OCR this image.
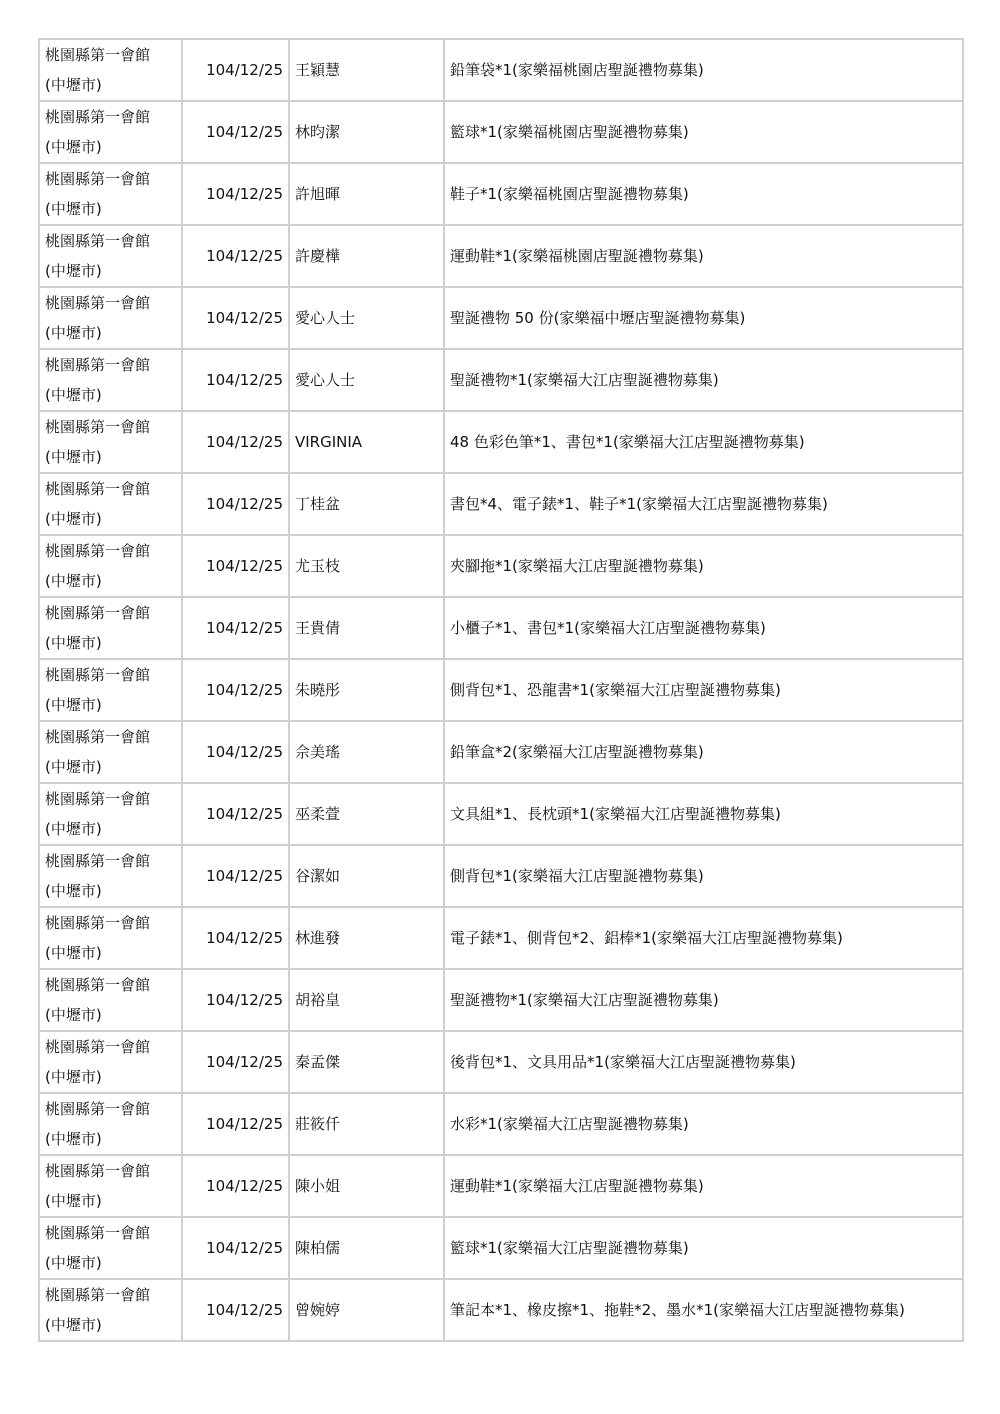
桃園縣第一會館
(中壢市)	104/12/25	王穎慧	鉛筆袋*1(家樂福桃園店聖誕禮物募集)

桃園縣第一會館
(中壢市)	104/12/25	林昀潔	籃球*1(家樂福桃園店聖誕禮物募集)

桃園縣第一會館
(中壢市)	104/12/25	許旭暉	鞋子*1(家樂福桃園店聖誕禮物募集)

桃園縣第一會館
(中壢市)	104/12/25	許慶樺	運動鞋*1(家樂福桃園店聖誕禮物募集)

桃園縣第一會館
(中壢市)	104/12/25	愛心人士	聖誕禮物 50 份(家樂福中壢店聖誕禮物募集)

桃園縣第一會館
(中壢市)	104/12/25	愛心人士	聖誕禮物*1(家樂福大江店聖誕禮物募集)

桃園縣第一會館
(中壢市)	104/12/25	VIRGINIA	48 色彩色筆*1、書包*1(家樂福大江店聖誕禮物募集)

桃園縣第一會館
(中壢市)	104/12/25	丁桂盆	書包*4、電子錶*1、鞋子*1(家樂福大江店聖誕禮物募集)

桃園縣第一會館
(中壢市)	104/12/25	尤玉枝	夾腳拖*1(家樂福大江店聖誕禮物募集)

桃園縣第一會館
(中壢市)	104/12/25	王貴倩	小櫃子*1、書包*1(家樂福大江店聖誕禮物募集)

桃園縣第一會館
(中壢市)	104/12/25	朱曉彤	側背包*1、恐龍書*1(家樂福大江店聖誕禮物募集)

桃園縣第一會館
(中壢市)	104/12/25	佘美瑤	鉛筆盒*2(家樂福大江店聖誕禮物募集)

桃園縣第一會館
(中壢市)	104/12/25	巫柔萱	文具組*1、長枕頭*1(家樂福大江店聖誕禮物募集)

桃園縣第一會館
(中壢市)	104/12/25	谷潔如	側背包*1(家樂福大江店聖誕禮物募集)

桃園縣第一會館
(中壢市)	104/12/25	林進發	電子錶*1、側背包*2、鋁棒*1(家樂福大江店聖誕禮物募集)

桃園縣第一會館
(中壢市)	104/12/25	胡裕皇	聖誕禮物*1(家樂福大江店聖誕禮物募集)

桃園縣第一會館
(中壢市)	104/12/25	秦孟傑	後背包*1、文具用品*1(家樂福大江店聖誕禮物募集)

桃園縣第一會館
(中壢市)	104/12/25	莊筱仟	水彩*1(家樂福大江店聖誕禮物募集)

桃園縣第一會館
(中壢市)	104/12/25	陳小姐	運動鞋*1(家樂福大江店聖誕禮物募集)

桃園縣第一會館
(中壢市)	104/12/25	陳柏儒	籃球*1(家樂福大江店聖誕禮物募集)

桃園縣第一會館
(中壢市)	104/12/25	曾婉婷	筆記本*1、橡皮擦*1、拖鞋*2、墨水*1(家樂福大江店聖誕禮物募集)
